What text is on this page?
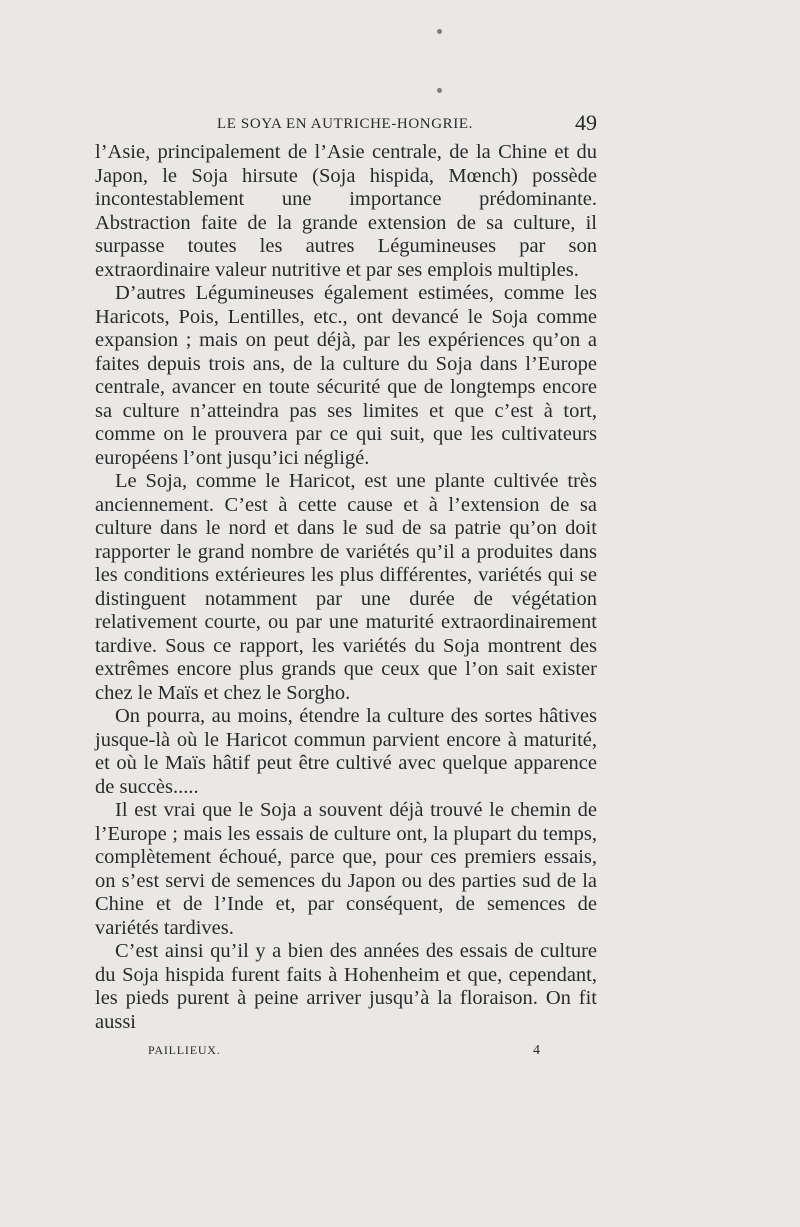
LE SOYA EN AUTRICHE-HONGRIE.	49

l’Asie, principalement de l’Asie centrale, de la Chine et du Japon, le Soja hirsute (Soja hispida, Mœnch) possède incontestablement une importance prédominante. Abstraction faite de la grande extension de sa culture, il surpasse toutes les autres Légumineuses par son extraordinaire valeur nutritive et par ses emplois multiples.

D’autres Légumineuses également estimées, comme les Haricots, Pois, Lentilles, etc., ont devancé le Soja comme expansion ; mais on peut déjà, par les expériences qu’on a faites depuis trois ans, de la culture du Soja dans l’Europe centrale, avancer en toute sécurité que de longtemps encore sa culture n’atteindra pas ses limites et que c’est à tort, comme on le prouvera par ce qui suit, que les cultivateurs européens l’ont jusqu’ici négligé.

Le Soja, comme le Haricot, est une plante cultivée très anciennement. C’est à cette cause et à l’extension de sa culture dans le nord et dans le sud de sa patrie qu’on doit rapporter le grand nombre de variétés qu’il a produites dans les conditions extérieures les plus différentes, variétés qui se distinguent notamment par une durée de végétation relativement courte, ou par une maturité extraordinairement tardive. Sous ce rapport, les variétés du Soja montrent des extrêmes encore plus grands que ceux que l’on sait exister chez le Maïs et chez le Sorgho.

On pourra, au moins, étendre la culture des sortes hâtives jusque-là où le Haricot commun parvient encore à maturité, et où le Maïs hâtif peut être cultivé avec quelque apparence de succès.....

Il est vrai que le Soja a souvent déjà trouvé le chemin de l’Europe ; mais les essais de culture ont, la plupart du temps, complètement échoué, parce que, pour ces premiers essais, on s’est servi de semences du Japon ou des parties sud de la Chine et de l’Inde et, par conséquent, de semences de variétés tardives.

C’est ainsi qu’il y a bien des années des essais de culture du Soja hispida furent faits à Hohenheim et que, cependant, les pieds purent à peine arriver jusqu’à la floraison. On fit aussi

PAILLIEUX.	4
